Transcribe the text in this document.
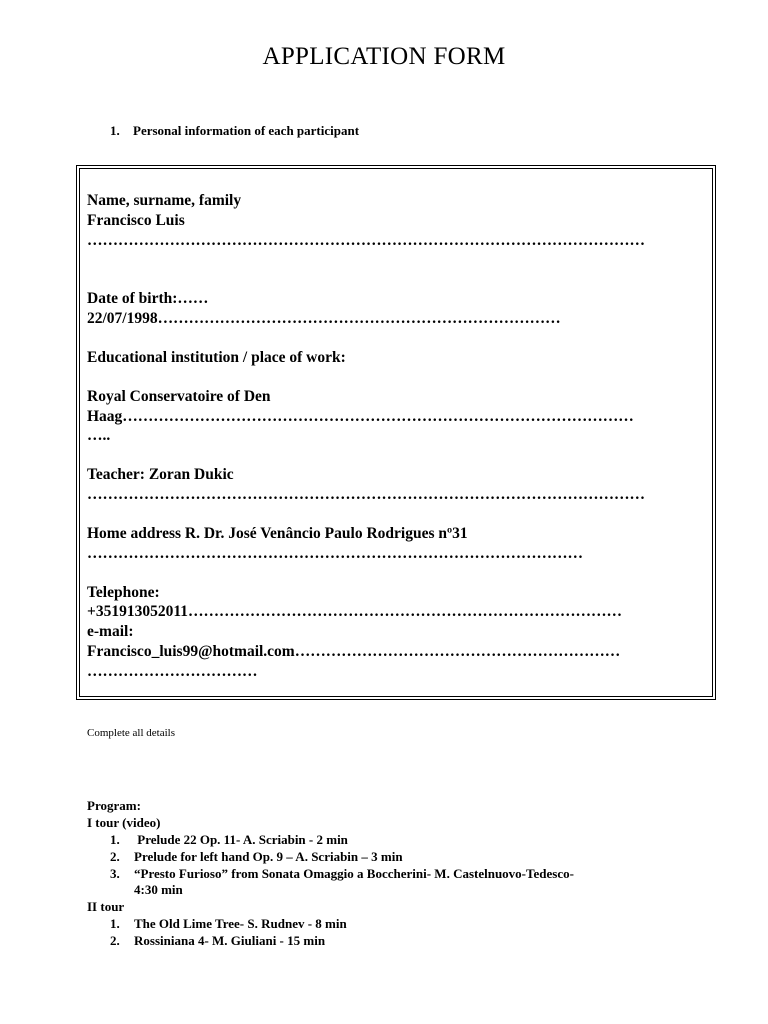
APPLICATION FORM
1. Personal information of each participant
Name, surname, family
Francisco Luis
………………………………………………………………………………………………
Date of birth:……
22/07/1998……………………………………………………………………
Educational institution / place of work:
Royal Conservatoire of Den
Haag………………………………………………………………………………………
…..
Teacher: Zoran Dukic
………………………………………………………………………………………………
Home address R. Dr. José Venâncio Paulo Rodrigues nº31
……………………………………………………………………………………
Telephone:
+351913052011…………………………………………………………………………
e-mail:
Francisco_luis99@hotmail.com………………………………………………………
……………………………
Complete all details
Program:
I tour (video)
1. Prelude 22 Op. 11- A. Scriabin - 2 min
2. Prelude for left hand Op. 9 – A. Scriabin – 3 min
3. “Presto Furioso” from Sonata Omaggio a Boccherini- M. Castelnuovo-Tedesco-
4:30 min
II tour
1. The Old Lime Tree- S. Rudnev - 8 min
2. Rossiniana 4- M. Giuliani - 15 min
